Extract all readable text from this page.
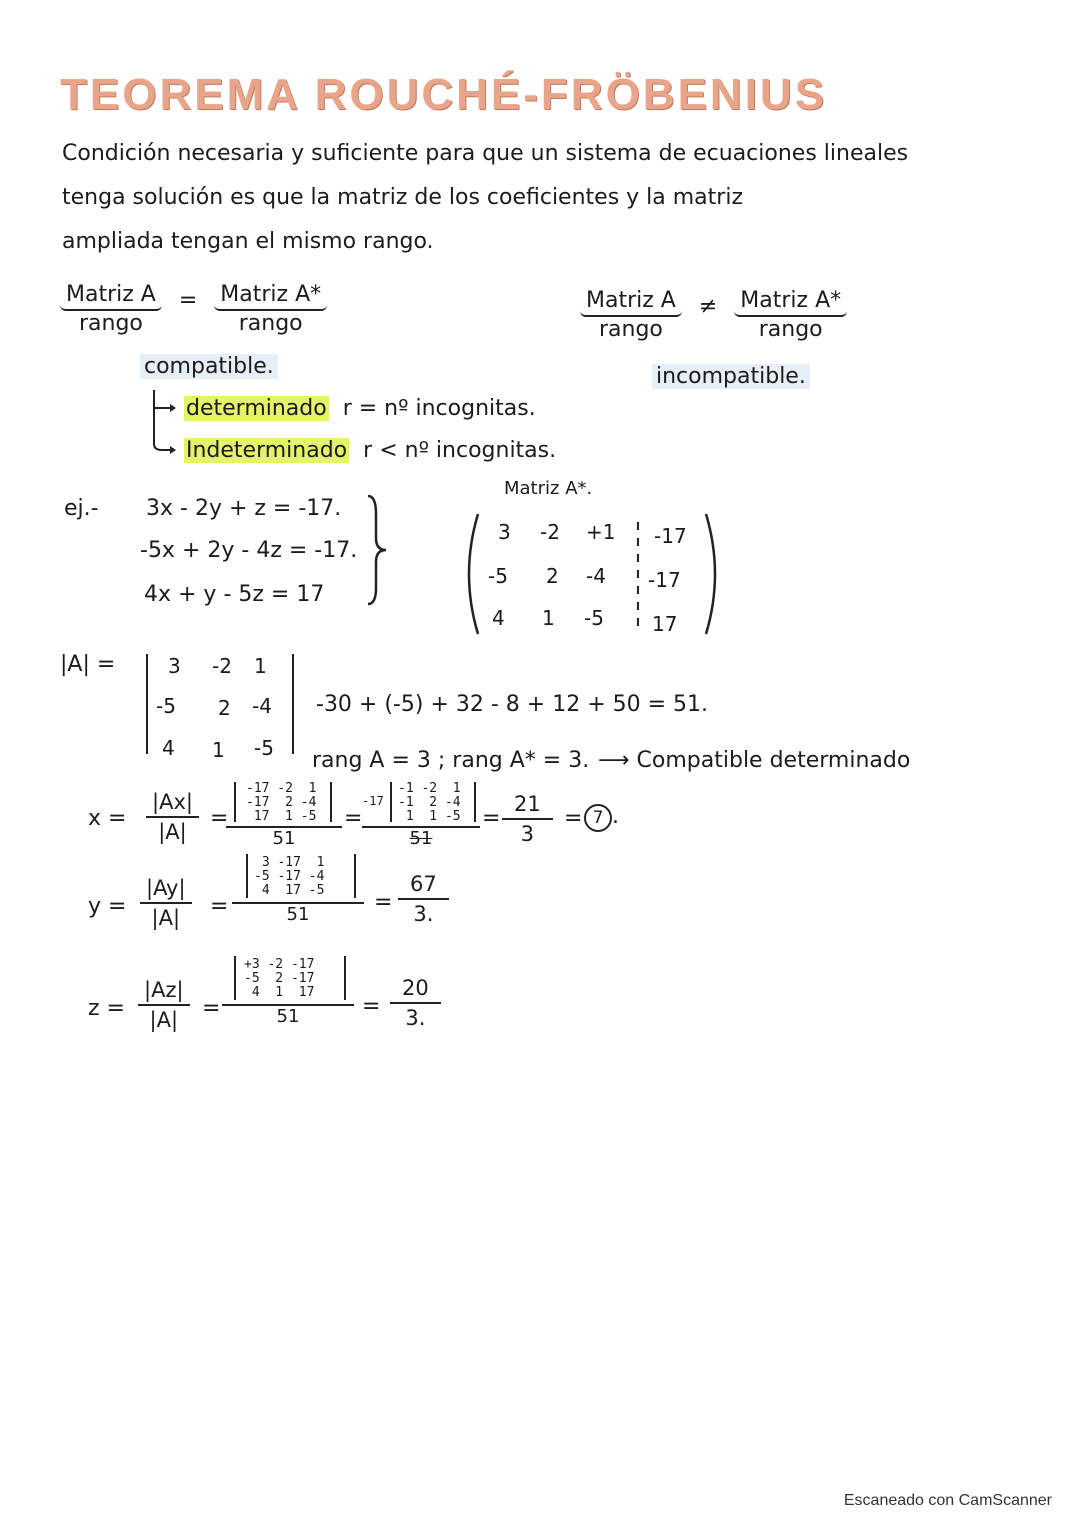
TEOREMA ROUCHÉ-FRÖBENIUS
Condición necesaria y suficiente para que un sistema de ecuaciones lineales
tenga solución es que la matriz de los coeficientes y la matriz
ampliada tengan el mismo rango.
Matriz A
rango = Matriz A*
rango
compatible.
Matriz A
rango ≠ Matriz A*
rango
incompatible.
determinado r = nº incognitas.
Indeterminado r < nº incognitas.
ej.- 3x - 2y + z = -17.
-5x + 2y - 4z = -17.
4x + y - 5z = 17
Matriz A*.
3 -2 +1 -17
-5 2 -4 -17
4 1 -5 17
|A| =	3 -2 1
-5 2 -4
4 1 -5
-30 + (-5) + 32 - 8 + 12 + 50 = 51.
rang A = 3 ; rang A* = 3. ⟶ Compatible determinado
$x = \frac{|Ax|}{|A|}$ =
-17 -2  1
-17  2 -4
17  1 -5
51
=
-17
-1 -2  1
-1  2 -4
1  1 -5
51
= $\frac{21}{3} = 7$ .
$y = \frac{|Ay|}{|A|}$ =
3 -17  1
-5 -17 -4
4  17 -5
51	= $\frac{67}{3.}$
$z = \frac{|Az|}{|A|}$ =
+3 -2 -17
-5  2 -17
4  1  17
51	= $\frac{20}{3.}$
Escaneado con CamScanner
